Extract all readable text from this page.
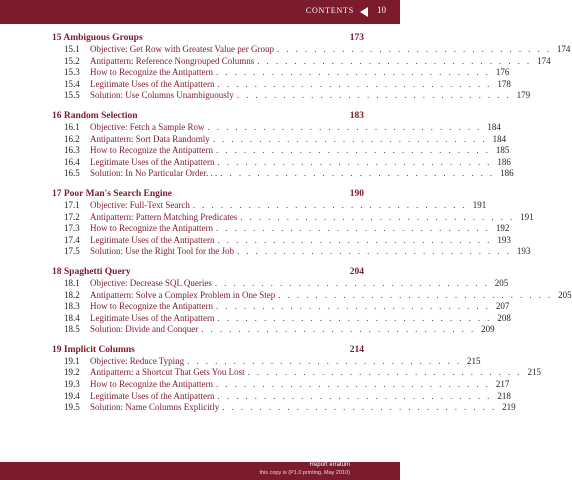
CONTENTS	10
15 Ambiguous Groups	173
15.1	Objective: Get Row with Greatest Value per Group . . . . . . . . . . . . . . . . . . . . . . . . . . . . . . 174
15.2	Antipattern: Reference Nongrouped Columns . . . . . . . . . . . . . . . . . . . . . . . . . . . . . . 174
15.3	How to Recognize the Antipattern . . . . . . . . . . . . . . . . . . . . . . . . . . . . . . 176
15.4	Legitimate Uses of the Antipattern . . . . . . . . . . . . . . . . . . . . . . . . . . . . . . 178
15.5	Solution: Use Columns Unambiguously . . . . . . . . . . . . . . . . . . . . . . . . . . . . . . 179
16 Random Selection	183
16.1	Objective: Fetch a Sample Row . . . . . . . . . . . . . . . . . . . . . . . . . . . . . . 184
16.2	Antipattern: Sort Data Randomly . . . . . . . . . . . . . . . . . . . . . . . . . . . . . . 184
16.3	How to Recognize the Antipattern . . . . . . . . . . . . . . . . . . . . . . . . . . . . . . 185
16.4	Legitimate Uses of the Antipattern . . . . . . . . . . . . . . . . . . . . . . . . . . . . . . 186
16.5	Solution: In No Particular Order. . . . . . . . . . . . . . . . . . . . . . . . . . . . . . . . . 186
17 Poor Man's Search Engine	190
17.1	Objective: Full-Text Search . . . . . . . . . . . . . . . . . . . . . . . . . . . . . . 191
17.2	Antipattern: Pattern Matching Predicates . . . . . . . . . . . . . . . . . . . . . . . . . . . . . . 191
17.3	How to Recognize the Antipattern . . . . . . . . . . . . . . . . . . . . . . . . . . . . . . 192
17.4	Legitimate Uses of the Antipattern . . . . . . . . . . . . . . . . . . . . . . . . . . . . . . 193
17.5	Solution: Use the Right Tool for the Job . . . . . . . . . . . . . . . . . . . . . . . . . . . . . . 193
18 Spaghetti Query	204
18.1	Objective: Decrease SQL Queries . . . . . . . . . . . . . . . . . . . . . . . . . . . . . . 205
18.2	Antipattern: Solve a Complex Problem in One Step . . . . . . . . . . . . . . . . . . . . . . . . . . . . . . 205
18.3	How to Recognize the Antipattern . . . . . . . . . . . . . . . . . . . . . . . . . . . . . . 207
18.4	Legitimate Uses of the Antipattern . . . . . . . . . . . . . . . . . . . . . . . . . . . . . . 208
18.5	Solution: Divide and Conquer . . . . . . . . . . . . . . . . . . . . . . . . . . . . . . 209
19 Implicit Columns	214
19.1	Objective: Reduce Typing . . . . . . . . . . . . . . . . . . . . . . . . . . . . . . 215
19.2	Antipattern: a Shortcut That Gets You Lost . . . . . . . . . . . . . . . . . . . . . . . . . . . . . . 215
19.3	How to Recognize the Antipattern . . . . . . . . . . . . . . . . . . . . . . . . . . . . . . 217
19.4	Legitimate Uses of the Antipattern . . . . . . . . . . . . . . . . . . . . . . . . . . . . . . 218
19.5	Solution: Name Columns Explicitly . . . . . . . . . . . . . . . . . . . . . . . . . . . . . . 219
Report erratum
this copy is (P1.0 printing, May 2010)
